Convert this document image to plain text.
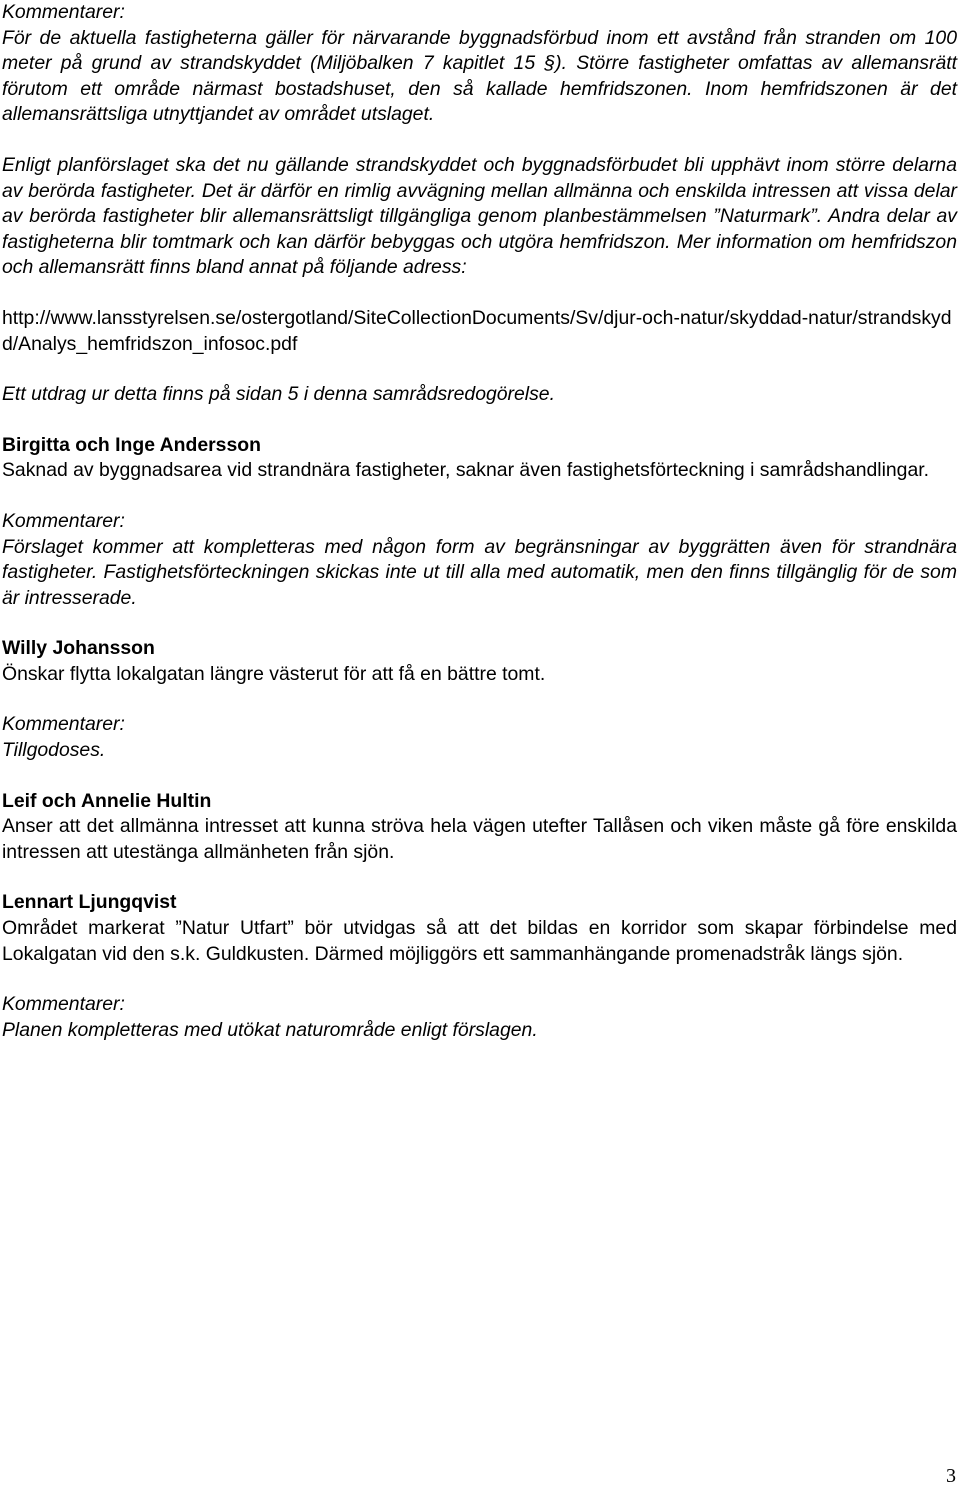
Kommentarer:

För de aktuella fastigheterna gäller för närvarande byggnadsförbud inom ett avstånd från stranden om 100 meter på grund av strandskyddet (Miljöbalken 7 kapitlet 15 §). Större fastigheter omfattas av allemansrätt förutom ett område närmast bostadshuset, den så kallade hemfridszonen. Inom hemfridszonen är det allemansrättsliga utnyttjandet av området utslaget.

Enligt planförslaget ska det nu gällande strandskyddet och byggnadsförbudet bli upphävt inom större delarna av berörda fastigheter. Det är därför en rimlig avvägning mellan allmänna och enskilda intressen att vissa delar av berörda fastigheter blir allemansrättsligt tillgängliga genom planbestämmelsen ”Naturmark”. Andra delar av fastigheterna blir tomtmark och kan därför bebyggas och utgöra hemfridszon. Mer information om hemfridszon och allemansrätt finns bland annat på följande adress:

http://www.lansstyrelsen.se/ostergotland/SiteCollectionDocuments/Sv/djur-och-natur/skyddad-natur/strandskydd/Analys_hemfridszon_infosoc.pdf

Ett utdrag ur detta finns på sidan 5 i denna samrådsredogörelse.

Birgitta och Inge Andersson

Saknad av byggnadsarea vid strandnära fastigheter, saknar även fastighetsförteckning i samrådshandlingar.

Kommentarer:

Förslaget kommer att kompletteras med någon form av begränsningar av byggrätten även för strandnära fastigheter. Fastighetsförteckningen skickas inte ut till alla med automatik, men den finns tillgänglig för de som är intresserade.

Willy Johansson

Önskar flytta lokalgatan längre västerut för att få en bättre tomt.

Kommentarer:

Tillgodoses.

Leif och Annelie Hultin

Anser att det allmänna intresset att kunna ströva hela vägen utefter Tallåsen och viken måste gå före enskilda intressen att utestänga allmänheten från sjön.

Lennart Ljungqvist

Området markerat ”Natur Utfart” bör utvidgas så att det bildas en korridor som skapar förbindelse med Lokalgatan vid den s.k. Guldkusten. Därmed möjliggörs ett sammanhängande promenadstråk längs sjön.

Kommentarer:

Planen kompletteras med utökat naturområde enligt förslagen.

3
